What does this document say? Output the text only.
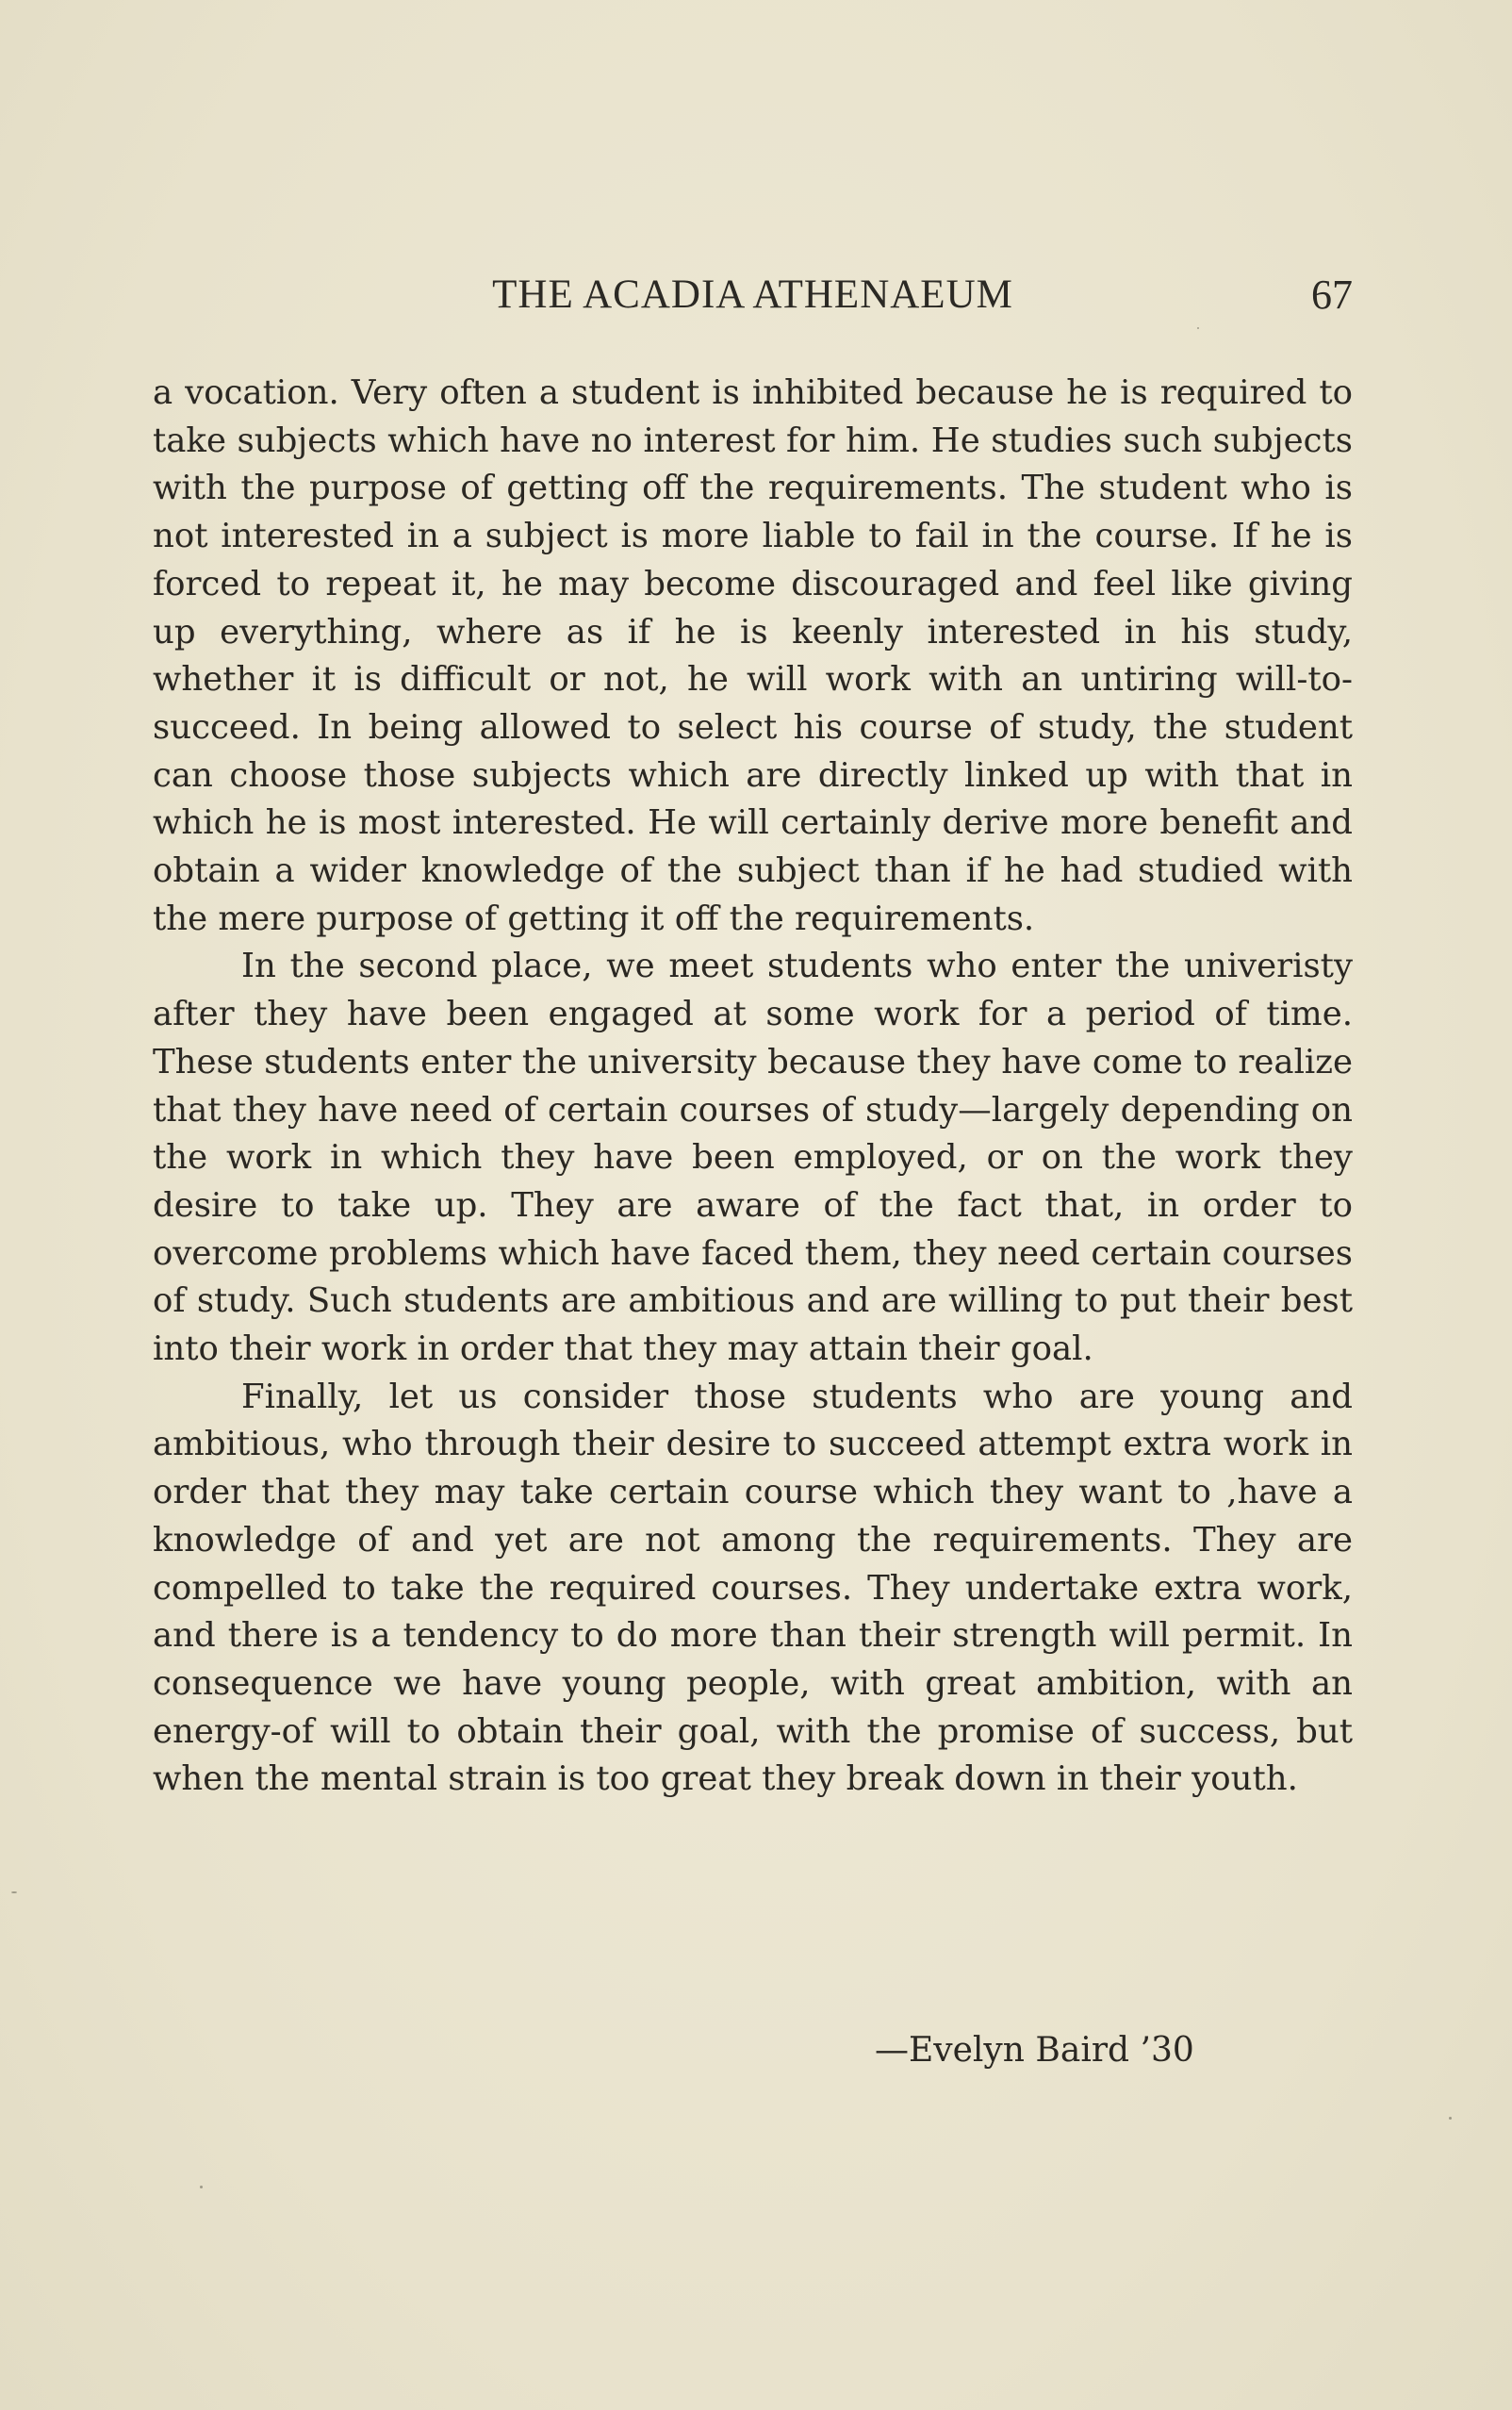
THE ACADIA ATHENAEUM	67

a vocation. Very often a student is inhibited because he is required to take subjects which have no interest for him. He studies such subjects with the purpose of getting off the requirements. The student who is not interested in a subject is more liable to fail in the course. If he is forced to repeat it, he may become discouraged and feel like giving up everything, where as if he is keenly interested in his study, whether it is difficult or not, he will work with an untiring will-to-succeed. In being allowed to select his course of study, the student can choose those subjects which are directly linked up with that in which he is most interested. He will certainly derive more benefit and obtain a wider knowledge of the subject than if he had studied with the mere purpose of getting it off the requirements.

In the second place, we meet students who enter the univeristy after they have been engaged at some work for a period of time. These students enter the university because they have come to realize that they have need of certain courses of study—largely depending on the work in which they have been employed, or on the work they desire to take up. They are aware of the fact that, in order to overcome problems which have faced them, they need certain courses of study. Such students are ambitious and are willing to put their best into their work in order that they may attain their goal.

Finally, let us consider those students who are young and ambitious, who through their desire to succeed attempt extra work in order that they may take certain course which they want to ,have a knowledge of and yet are not among the requirements. They are compelled to take the required courses. They undertake extra work, and there is a tendency to do more than their strength will permit. In consequence we have young people, with great ambition, with an energy-of will to obtain their goal, with the promise of success, but when the mental strain is too great they break down in their youth.

—Evelyn Baird ’30
